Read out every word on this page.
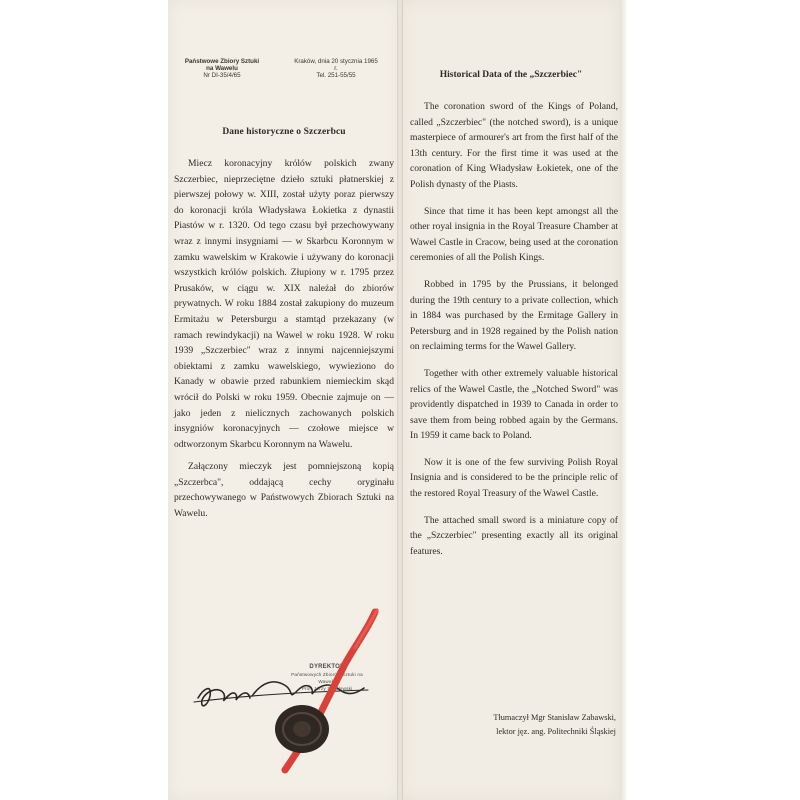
Państwowe Zbiory Sztuki
na Wawelu
Nr DI-35/4/65
Kraków, dnia 20 stycznia 1965 r.
Tel. 251-55/55
Dane historyczne o Szczerbcu

Miecz koronacyjny królów polskich zwany Szczerbiec, nieprzeciętne dzieło sztuki płatnerskiej z pierwszej połowy w. XIII, został użyty poraz pierwszy do koronacji króla Władysława Łokietka z dynastii Piastów w r. 1320. Od tego czasu był przechowywany wraz z innymi insygniami — w Skarbcu Koronnym w zamku wawelskim w Krakowie i używany do koronacji wszystkich królów polskich. Złupiony w r. 1795 przez Prusaków, w ciągu w. XIX należał do zbiorów prywatnych. W roku 1884 został zakupiony do muzeum Ermitażu w Petersburgu a stamtąd przekazany (w ramach rewindykacji) na Wawel w roku 1928. W roku 1939 „Szczerbiec" wraz z innymi najcenniejszymi obiektami z zamku wawelskiego, wywieziono do Kanady w obawie przed rabunkiem niemieckim skąd wrócił do Polski w roku 1959. Obecnie zajmuje on — jako jeden z nielicznych zachowanych polskich insygniów koronacyjnych — czołowe miejsce w odtworzonym Skarbcu Koronnym na Wawelu.

Załączony mieczyk jest pomniejszoną kopią „Szczerbca", oddającą cechy oryginału przechowywanego w Państwowych Zbiorach Sztuki na Wawelu.

Historical Data of the „Szczerbiec"

The coronation sword of the Kings of Poland, called „Szczerbiec" (the notched sword), is a unique masterpiece of armourer's art from the first half of the 13th century. For the first time it was used at the coronation of King Władysław Łokietek, one of the Polish dynasty of the Piasts.

Since that time it has been kept amongst all the other royal insignia in the Royal Treasure Chamber at Wawel Castle in Cracow, being used at the coronation ceremonies of all the Polish Kings.

Robbed in 1795 by the Prussians, it belonged during the 19th century to a private collection, which in 1884 was purchased by the Ermitage Gallery in Petersburg and in 1928 regained by the Polish nation on reclaiming terms for the Wawel Gallery.

Together with other extremely valuable historical relics of the Wawel Castle, the „Notched Sword" was providently dispatched in 1939 to Canada in order to save them from being robbed again by the Germans. In 1959 it came back to Poland.

Now it is one of the few surviving Polish Royal Insignia and is considered to be the principle relic of the restored Royal Treasury of the Wawel Castle.

The attached small sword is a miniature copy of the „Szczerbiec" presenting exactly all its original features.

Tłumaczył Mgr Stanisław Zabawski,
lektor jęz. ang. Politechniki Śląskiej
DYREKTOR
Państwowych Zbiorów Sztuki na Wawelu
Prof. Jerzy Szablowski
